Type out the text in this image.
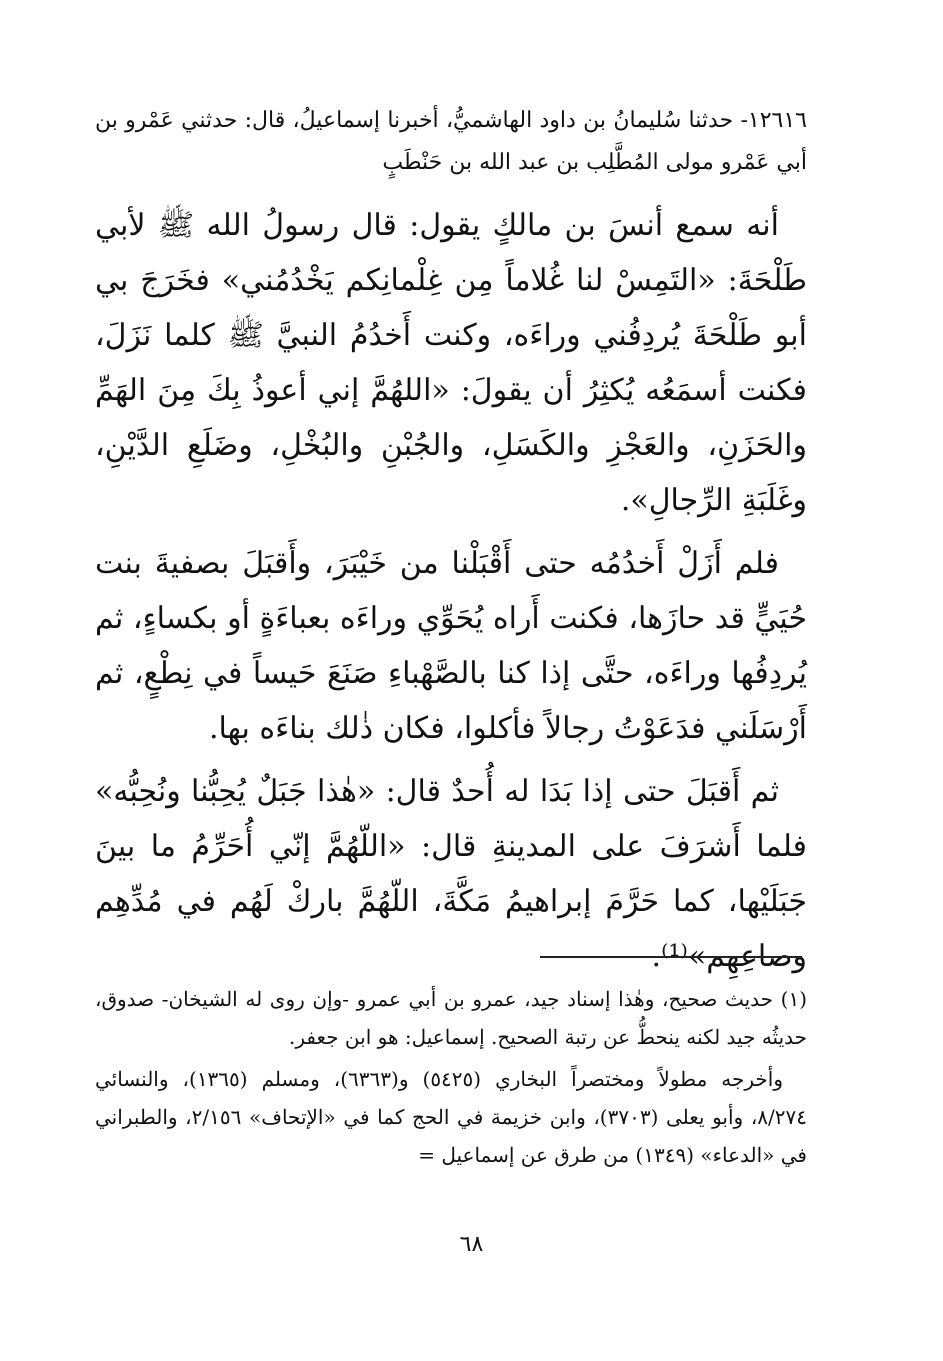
١٢٦١٦- حدثنا سُليمانُ بن داود الهاشميُّ، أخبرنا إسماعيلُ، قال: حدثني عَمْرو بن أبي عَمْرو مولى المُطَّلِب بن عبد الله بن حَنْطَبٍ

أنه سمع أنسَ بن مالكٍ يقول: قال رسولُ الله ﷺ لأبي طَلْحَةَ: «التَمِسْ لنا غُلاماً مِن غِلْمانِكم يَخْدُمُني» فخَرَجَ بي أبو طَلْحَةَ يُردِفُني وراءَه، وكنت أَخدُمُ النبيَّ ﷺ كلما نَزَلَ، فكنت أسمَعُه يُكثِرُ أن يقولَ: «اللهُمَّ إني أعوذُ بِكَ مِنَ الهَمِّ والحَزَنِ، والعَجْزِ والكَسَلِ، والجُبْنِ والبُخْلِ، وضَلَعِ الدَّيْنِ، وغَلَبَةِ الرِّجالِ».

فلم أَزَلْ أَخدُمُه حتى أَقْبَلْنا من خَيْبَرَ، وأَقبَلَ بصفيةَ بنت حُيَيٍّ قد حازَها، فكنت أَراه يُحَوِّي وراءَه بعباءَةٍ أو بكساءٍ، ثم يُردِفُها وراءَه، حتَّى إذا كنا بالصَّهْباءِ صَنَعَ حَيساً في نِطْعٍ، ثم أَرْسَلَني فدَعَوْتُ رجالاً فأكلوا، فكان ذٰلك بناءَه بها.

ثم أَقبَلَ حتى إذا بَدَا له أُحدٌ قال: «هٰذا جَبَلٌ يُحِبُّنا ونُحِبُّه» فلما أَشرَفَ على المدينةِ قال: «اللّهُمَّ إنّي أُحَرِّمُ ما بينَ جَبَلَيْها، كما حَرَّمَ إبراهيمُ مَكَّةَ، اللّهُمَّ باركْ لَهُم في مُدِّهِم وصاعِهِم»⁽¹⁾.

(١) حديث صحيح، وهٰذا إسناد جيد، عمرو بن أبي عمرو -وإن روى له الشيخان- صدوق، حديثُه جيد لكنه ينحطُّ عن رتبة الصحيح. إسماعيل: هو ابن جعفر.

وأخرجه مطولاً ومختصراً البخاري (٥٤٢٥) و(٦٣٦٣)، ومسلم (١٣٦٥)، والنسائي ٨/٢٧٤، وأبو يعلى (٣٧٠٣)، وابن خزيمة في الحج كما في «الإتحاف» ٢/١٥٦، والطبراني في «الدعاء» (١٣٤٩) من طرق عن إسماعيل =

٦٨
